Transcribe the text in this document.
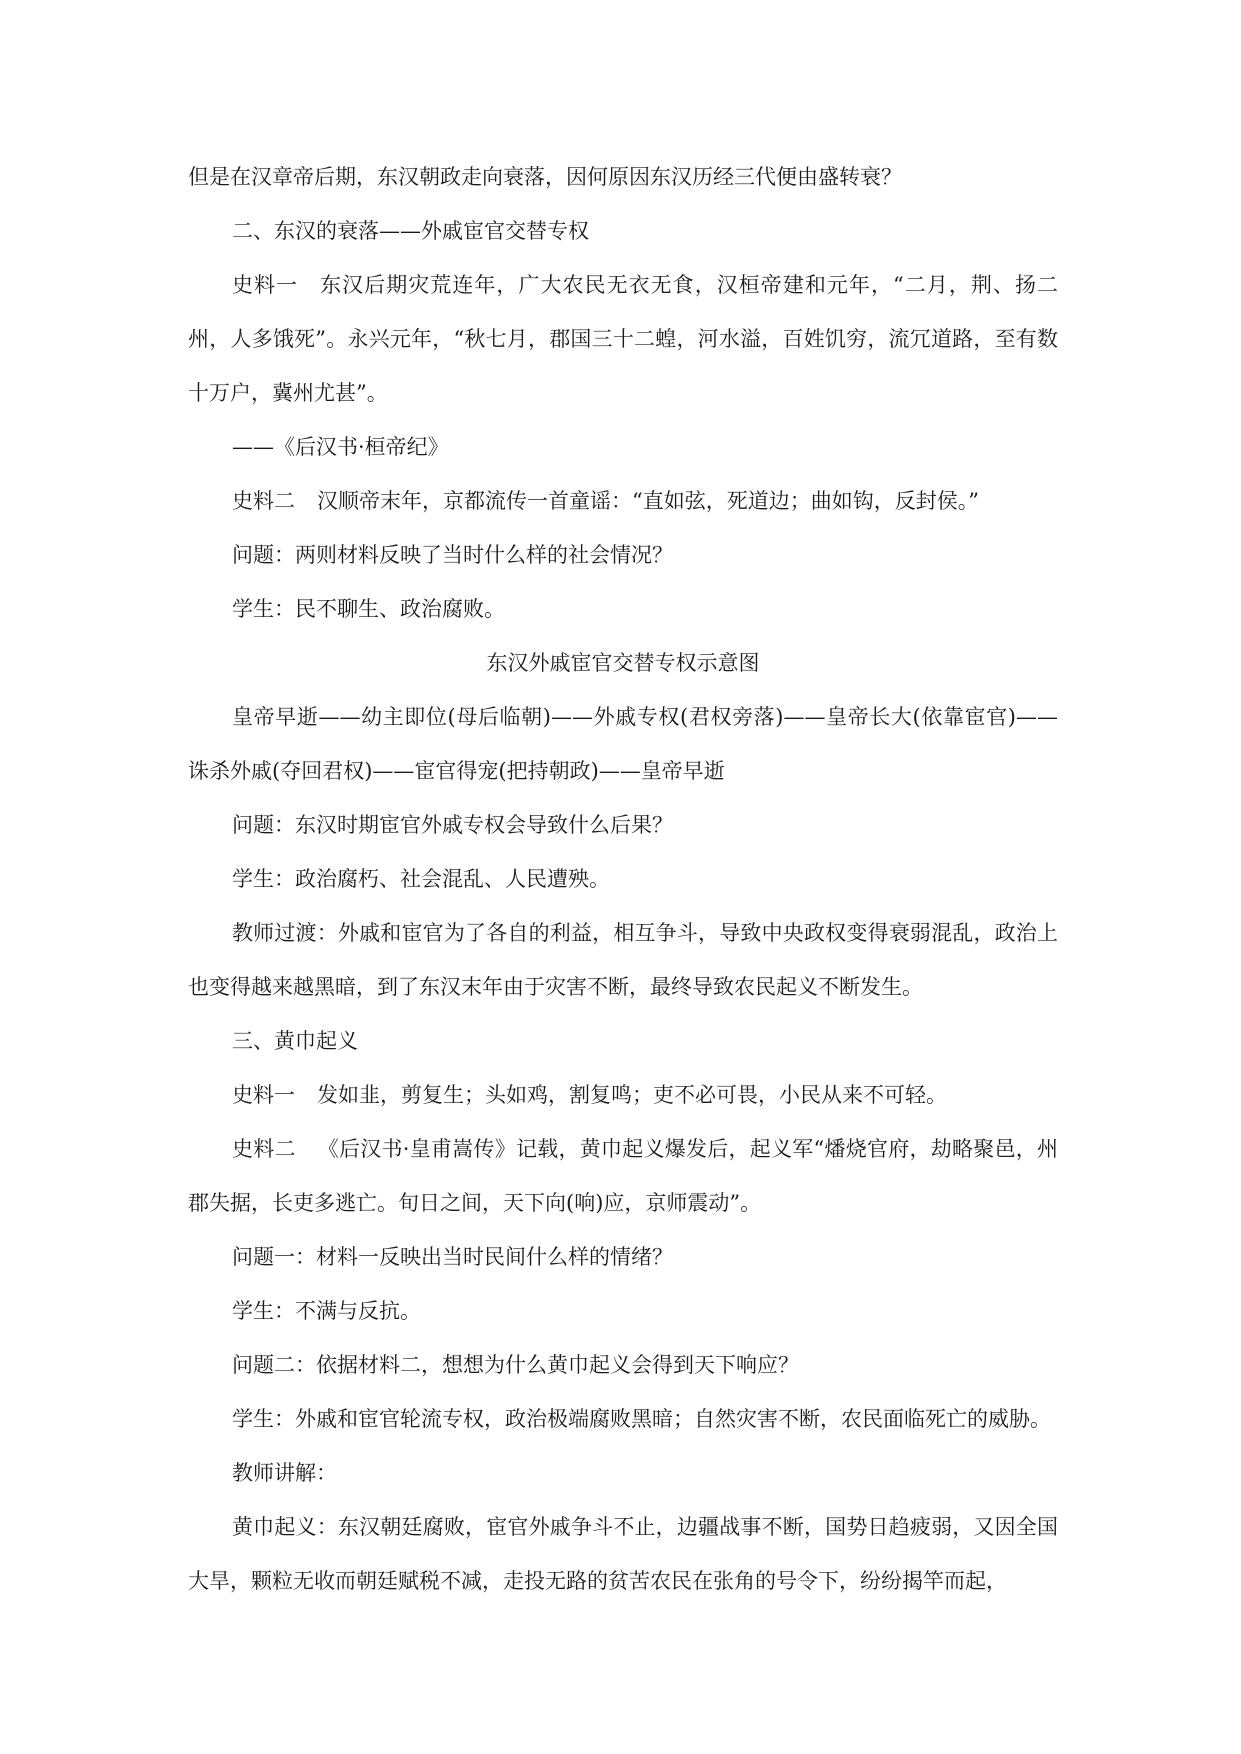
但是在汉章帝后期，东汉朝政走向衰落，因何原因东汉历经三代便由盛转衰？

二、东汉的衰落——外戚宦官交替专权

史料一 东汉后期灾荒连年，广大农民无衣无食，汉桓帝建和元年，“二月，荆、扬二州，人多饿死”。永兴元年，“秋七月，郡国三十二蝗，河水溢，百姓饥穷，流冗道路，至有数十万户，冀州尤甚”。

——《后汉书·桓帝纪》

史料二 汉顺帝末年，京都流传一首童谣：“直如弦，死道边；曲如钩，反封侯。”

问题：两则材料反映了当时什么样的社会情况？

学生：民不聊生、政治腐败。

东汉外戚宦官交替专权示意图

皇帝早逝——幼主即位(母后临朝)——外戚专权(君权旁落)——皇帝长大(依靠宦官)——诛杀外戚(夺回君权)——宦官得宠(把持朝政)——皇帝早逝

问题：东汉时期宦官外戚专权会导致什么后果？

学生：政治腐朽、社会混乱、人民遭殃。

教师过渡：外戚和宦官为了各自的利益，相互争斗，导致中央政权变得衰弱混乱，政治上也变得越来越黑暗，到了东汉末年由于灾害不断，最终导致农民起义不断发生。

三、黄巾起义

史料一 发如韭，剪复生；头如鸡，割复鸣；吏不必可畏，小民从来不可轻。

史料二 《后汉书·皇甫嵩传》记载，黄巾起义爆发后，起义军“燔烧官府，劫略聚邑，州郡失据，长吏多逃亡。旬日之间，天下向(响)应，京师震动”。

问题一：材料一反映出当时民间什么样的情绪？

学生：不满与反抗。

问题二：依据材料二，想想为什么黄巾起义会得到天下响应？

学生：外戚和宦官轮流专权，政治极端腐败黑暗；自然灾害不断，农民面临死亡的威胁。

教师讲解：

黄巾起义：东汉朝廷腐败，宦官外戚争斗不止，边疆战事不断，国势日趋疲弱，又因全国大旱，颗粒无收而朝廷赋税不减，走投无路的贫苦农民在张角的号令下，纷纷揭竿而起，
